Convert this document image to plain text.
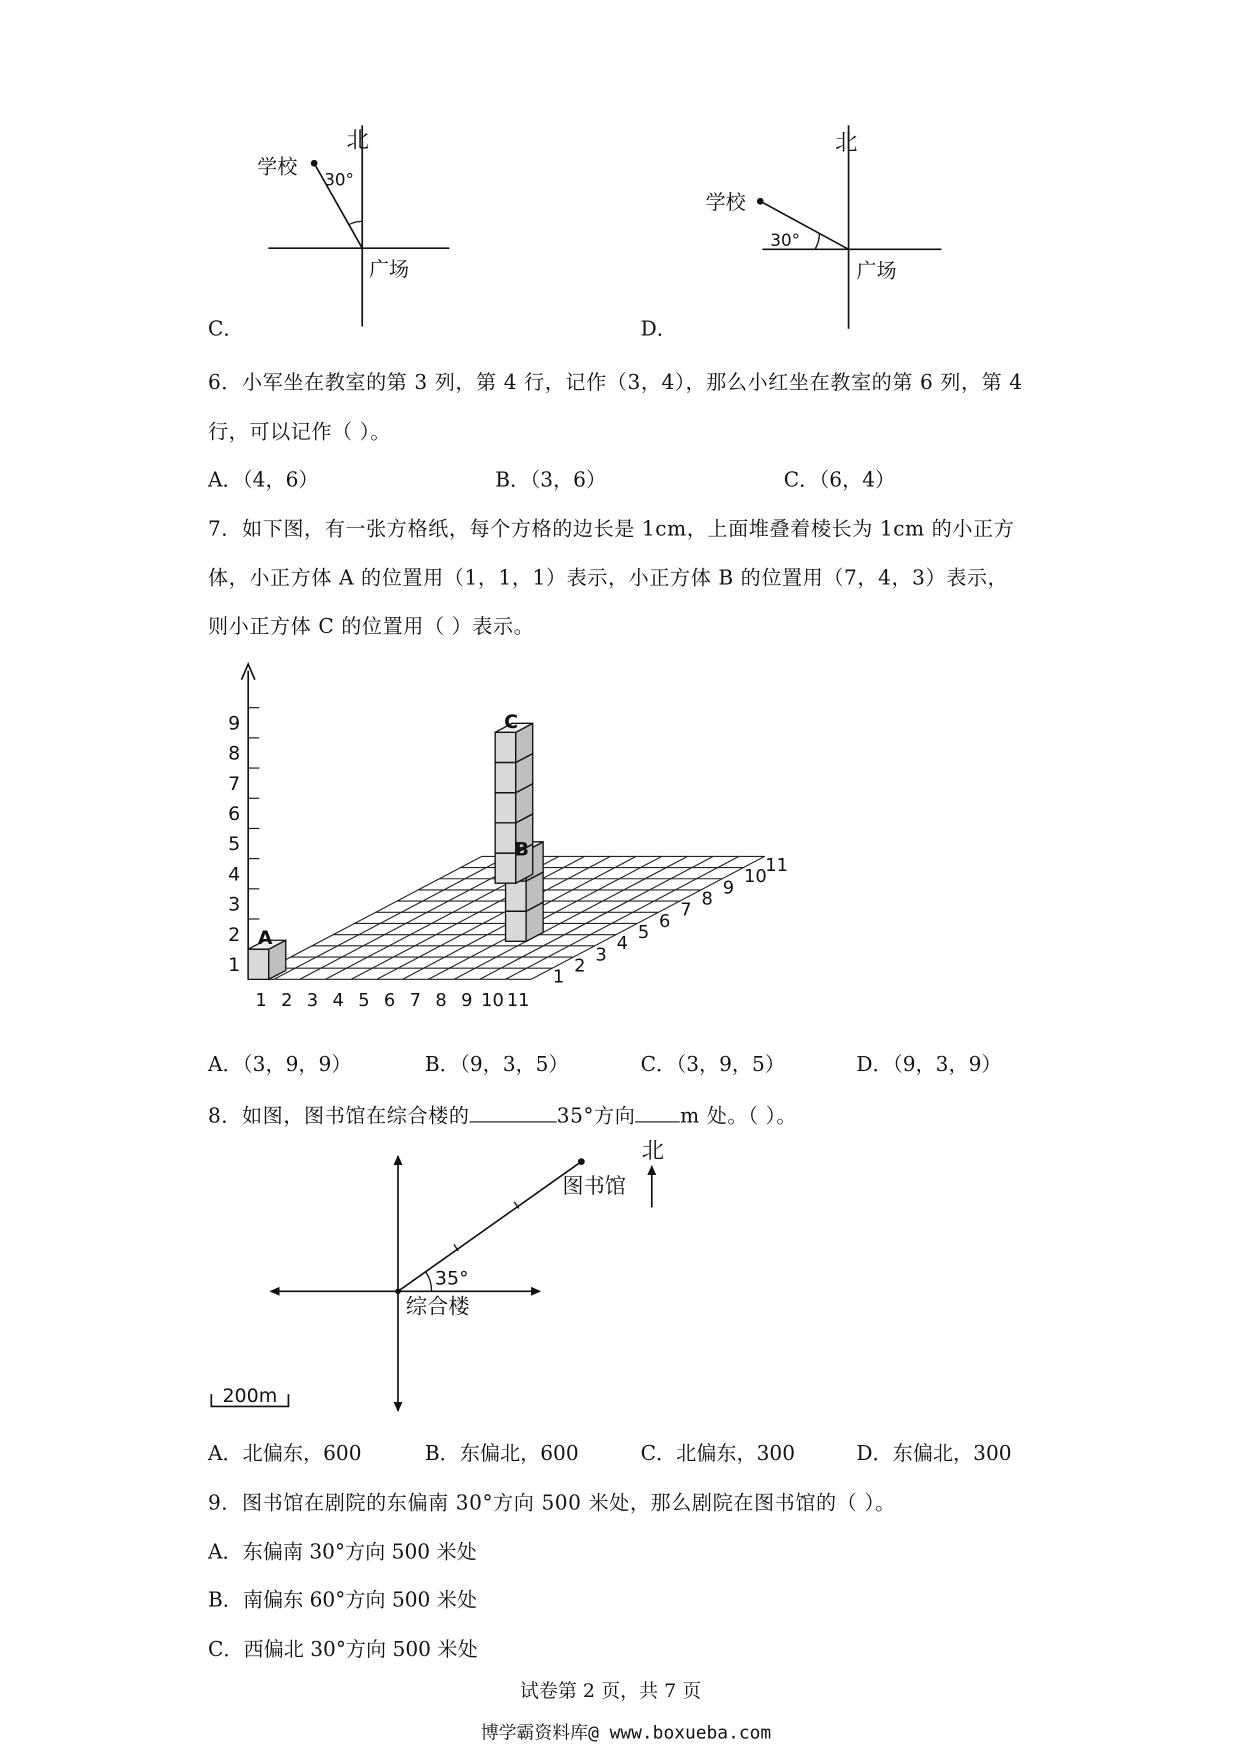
北
学校
30°
广场
C．
北
学校
30°
广场
D．
6．小军坐在教室的第 3 列，第 4 行，记作（3，4），那么小红坐在教室的第 6 列，第 4
行，可以记作（ ）。
A．（4，6）	B．（3，6）	C．（6，4）
7．如下图，有一张方格纸，每个方格的边长是 1cm，上面堆叠着棱长为 1cm 的小正方
体，小正方体 A 的位置用（1，1，1）表示，小正方体 B 的位置用（7，4，3）表示，
则小正方体 C 的位置用（ ）表示。
1
2
3
4
5
6
7
8
9
1 2 3 4 5 6 7 8 9 10 11
1
2
3
4
5
6
7
8
9
10
11
A
B
C
A．（3，9，9）	B．（9，3，5）	C．（3，9，5）	D．（9，3，9）
8．如图，图书馆在综合楼的	35°方向 m 处。（ ）。
北
图书馆
35°
综合楼
200m
A．北偏东，600	B．东偏北，600	C．北偏东，300	D．东偏北，300
9．图书馆在剧院的东偏南 30°方向 500 米处，那么剧院在图书馆的（ ）。
A．东偏南 30°方向 500 米处
B．南偏东 60°方向 500 米处
C．西偏北 30°方向 500 米处
试卷第 2 页，共 7 页
博学霸资料库@ www.boxueba.com
